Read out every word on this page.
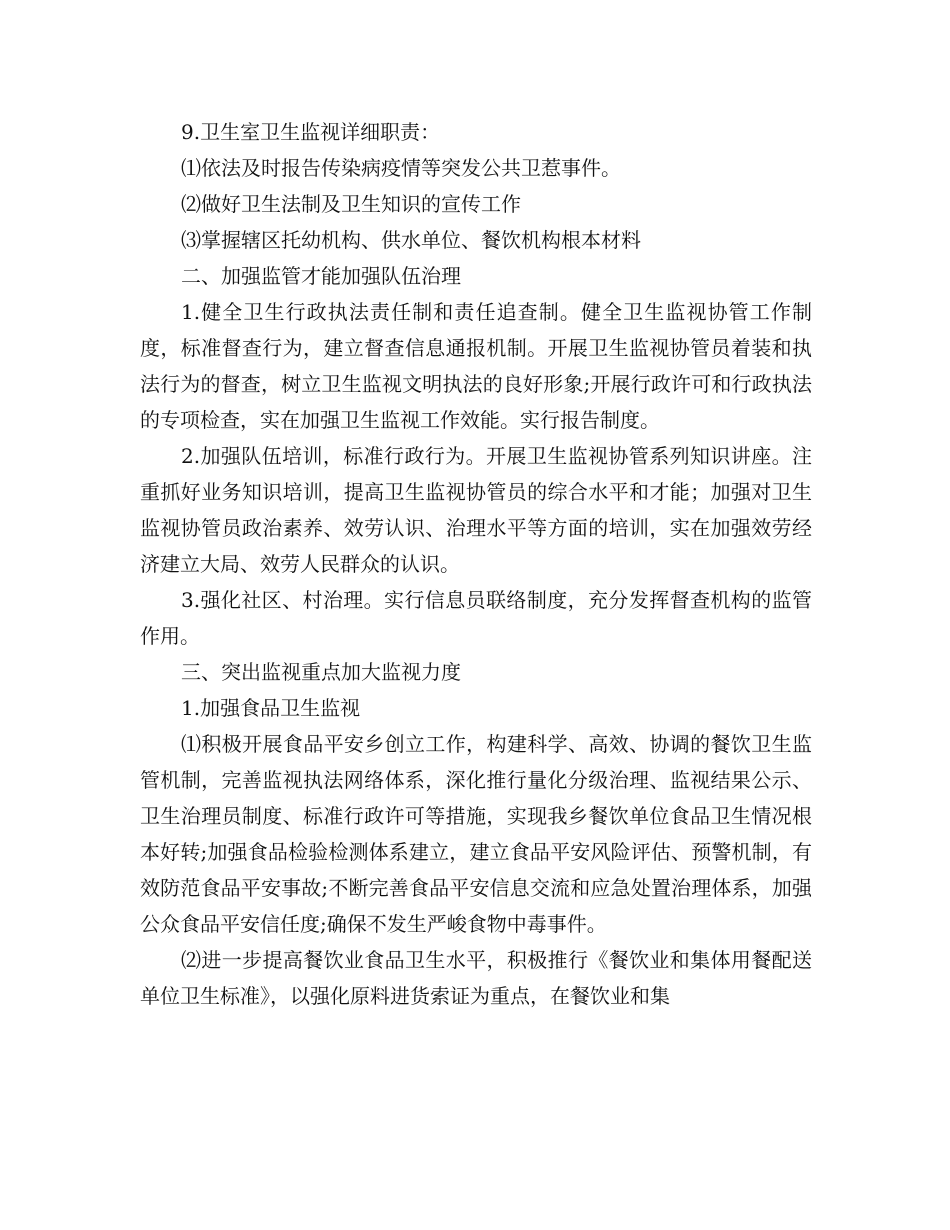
9.卫生室卫生监视详细职责：

⑴依法及时报告传染病疫情等突发公共卫惹事件。

⑵做好卫生法制及卫生知识的宣传工作

⑶掌握辖区托幼机构、供水单位、餐饮机构根本材料

二、加强监管才能加强队伍治理

1.健全卫生行政执法责任制和责任追查制。健全卫生监视协管工作制度，标准督查行为，建立督查信息通报机制。开展卫生监视协管员着装和执法行为的督查，树立卫生监视文明执法的良好形象;开展行政许可和行政执法的专项检查，实在加强卫生监视工作效能。实行报告制度。

2.加强队伍培训，标准行政行为。开展卫生监视协管系列知识讲座。注重抓好业务知识培训，提高卫生监视协管员的综合水平和才能；加强对卫生监视协管员政治素养、效劳认识、治理水平等方面的培训，实在加强效劳经济建立大局、效劳人民群众的认识。

3.强化社区、村治理。实行信息员联络制度，充分发挥督查机构的监管作用。

三、突出监视重点加大监视力度

1.加强食品卫生监视

⑴积极开展食品平安乡创立工作，构建科学、高效、协调的餐饮卫生监管机制，完善监视执法网络体系，深化推行量化分级治理、监视结果公示、卫生治理员制度、标准行政许可等措施，实现我乡餐饮单位食品卫生情况根本好转;加强食品检验检测体系建立，建立食品平安风险评估、预警机制，有效防范食品平安事故;不断完善食品平安信息交流和应急处置治理体系，加强公众食品平安信任度;确保不发生严峻食物中毒事件。

⑵进一步提高餐饮业食品卫生水平，积极推行《餐饮业和集体用餐配送单位卫生标准》，以强化原料进货索证为重点，在餐饮业和集
